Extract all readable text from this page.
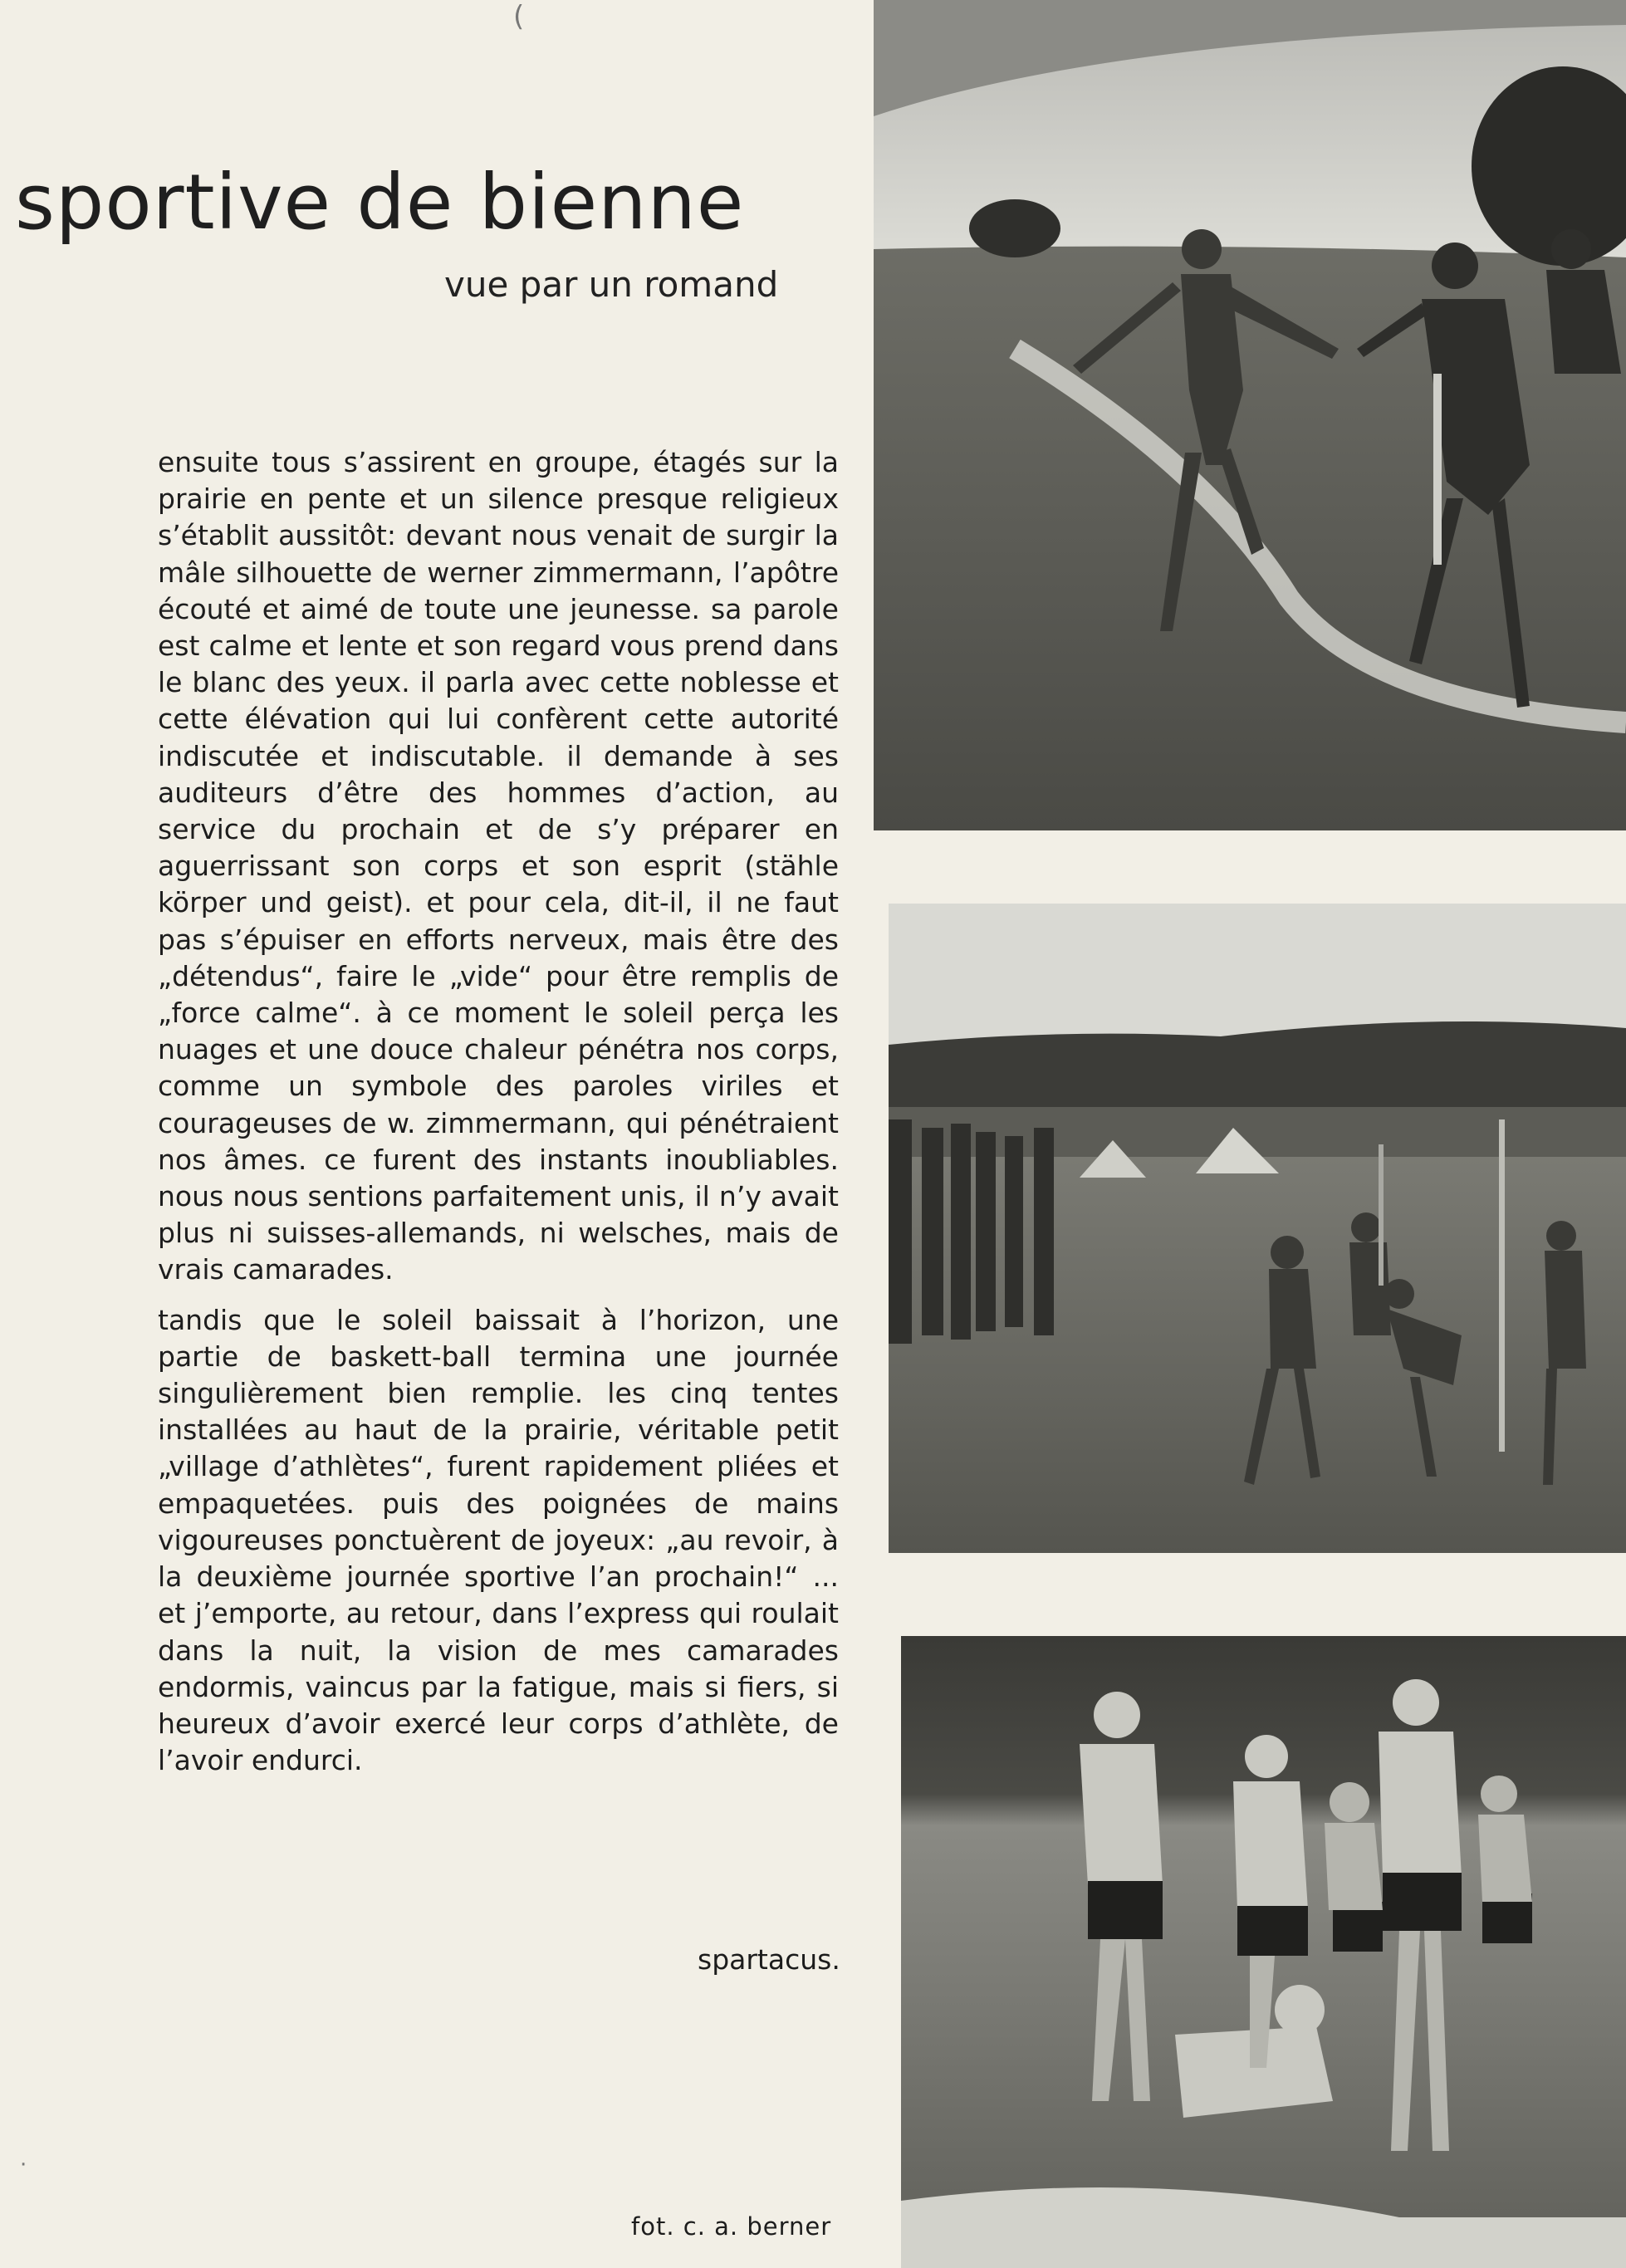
sportive de bienne

vue par un romand

ensuite tous s’assirent en groupe, étagés sur la prairie en pente et un silence presque religieux s’établit aussitôt: devant nous venait de surgir la mâle silhouette de werner zimmermann, l’apôtre écouté et aimé de toute une jeunesse. sa parole est calme et lente et son regard vous prend dans le blanc des yeux. il parla avec cette noblesse et cette élévation qui lui confèrent cette autorité indiscutée et indiscutable. il demande à ses auditeurs d’être des hommes d’action, au service du prochain et de s’y préparer en aguerrissant son corps et son esprit (stähle körper und geist). et pour cela, dit-il, il ne faut pas s’épuiser en efforts nerveux, mais être des „détendus“, faire le „vide“ pour être remplis de „force calme“. à ce moment le soleil perça les nuages et une douce chaleur pénétra nos corps, comme un symbole des paroles viriles et courageuses de w. zimmermann, qui pénétraient nos âmes. ce furent des instants inoubliables. nous nous sentions parfaitement unis, il n’y avait plus ni suisses-allemands, ni welsches, mais de vrais camarades.

tandis que le soleil baissait à l’horizon, une partie de baskett-ball termina une journée singulièrement bien remplie. les cinq tentes installées au haut de la prairie, véritable petit „village d’athlètes“, furent rapidement pliées et empaquetées. puis des poignées de mains vigoureuses ponctuèrent de joyeux: „au revoir, à la deuxième journée sportive l’an prochain!“ ... et j’emporte, au retour, dans l’express qui roulait dans la nuit, la vision de mes camarades endormis, vaincus par la fatigue, mais si fiers, si heureux d’avoir exercé leur corps d’athlète, de l’avoir endurci.

spartacus.

fot. c. a. berner

(
·
